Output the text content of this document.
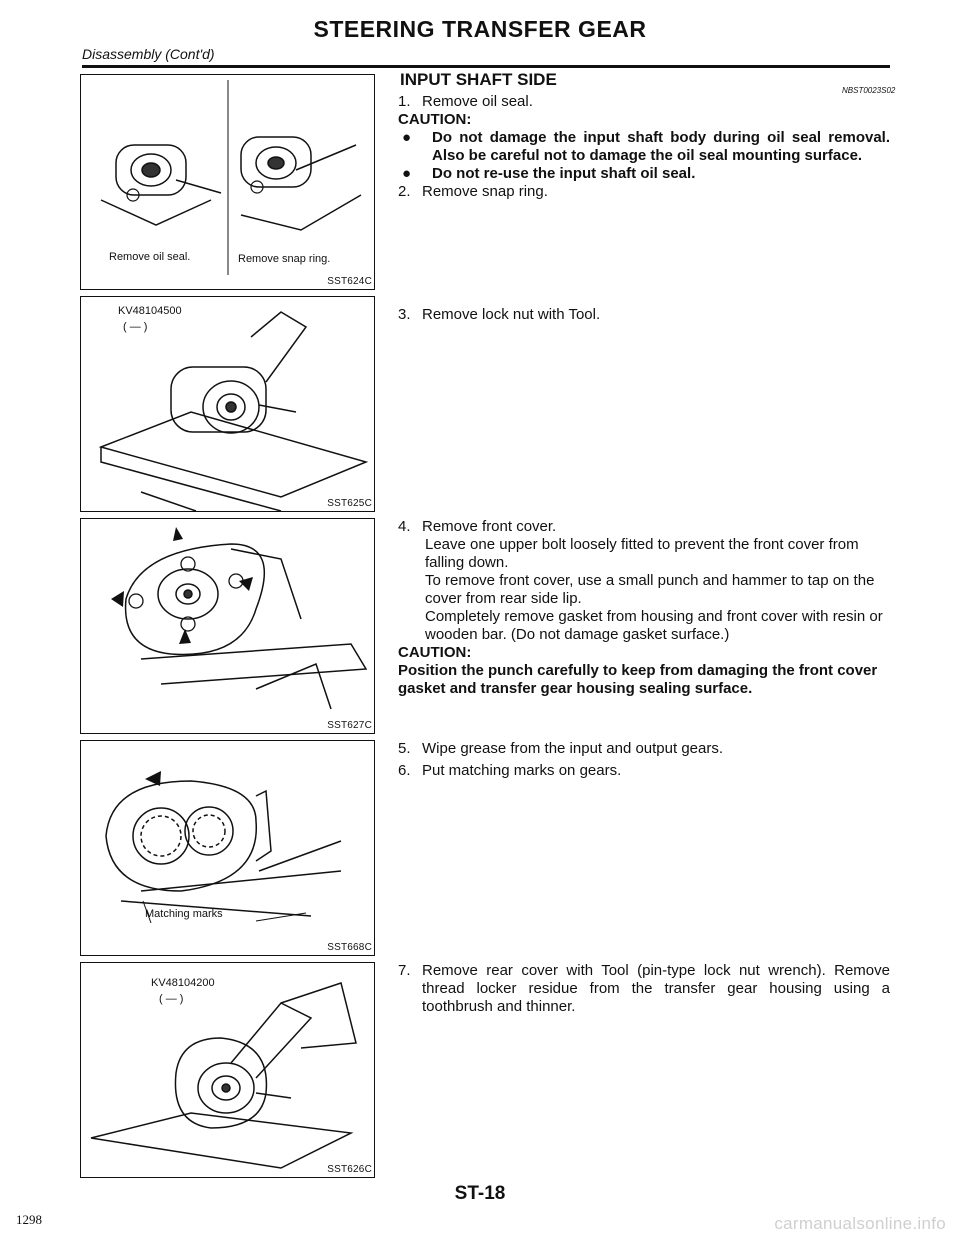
STEERING TRANSFER GEAR
Disassembly (Cont'd)
Remove oil seal.	Remove snap ring.
SST624C
KV48104500
( — )
SST625C
SST627C
Matching marks
SST668C
KV48104200
( — )
SST626C
INPUT SHAFT SIDE
NBST0023S02
1. Remove oil seal.
CAUTION:
●	Do not damage the input shaft body during oil seal removal. Also be careful not to damage the oil seal mounting surface.
●	Do not re-use the input shaft oil seal.
2. Remove snap ring.
3. Remove lock nut with Tool.
4. Remove front cover.
Leave one upper bolt loosely fitted to prevent the front cover from falling down.
To remove front cover, use a small punch and hammer to tap on the cover from rear side lip.
Completely remove gasket from housing and front cover with resin or wooden bar. (Do not damage gasket surface.)
CAUTION:
Position the punch carefully to keep from damaging the front cover gasket and transfer gear housing sealing surface.
5. Wipe grease from the input and output gears.
6. Put matching marks on gears.
7. Remove rear cover with Tool (pin-type lock nut wrench). Remove thread locker residue from the transfer gear housing using a toothbrush and thinner.
ST-18
1298	carmanualsonline.info
